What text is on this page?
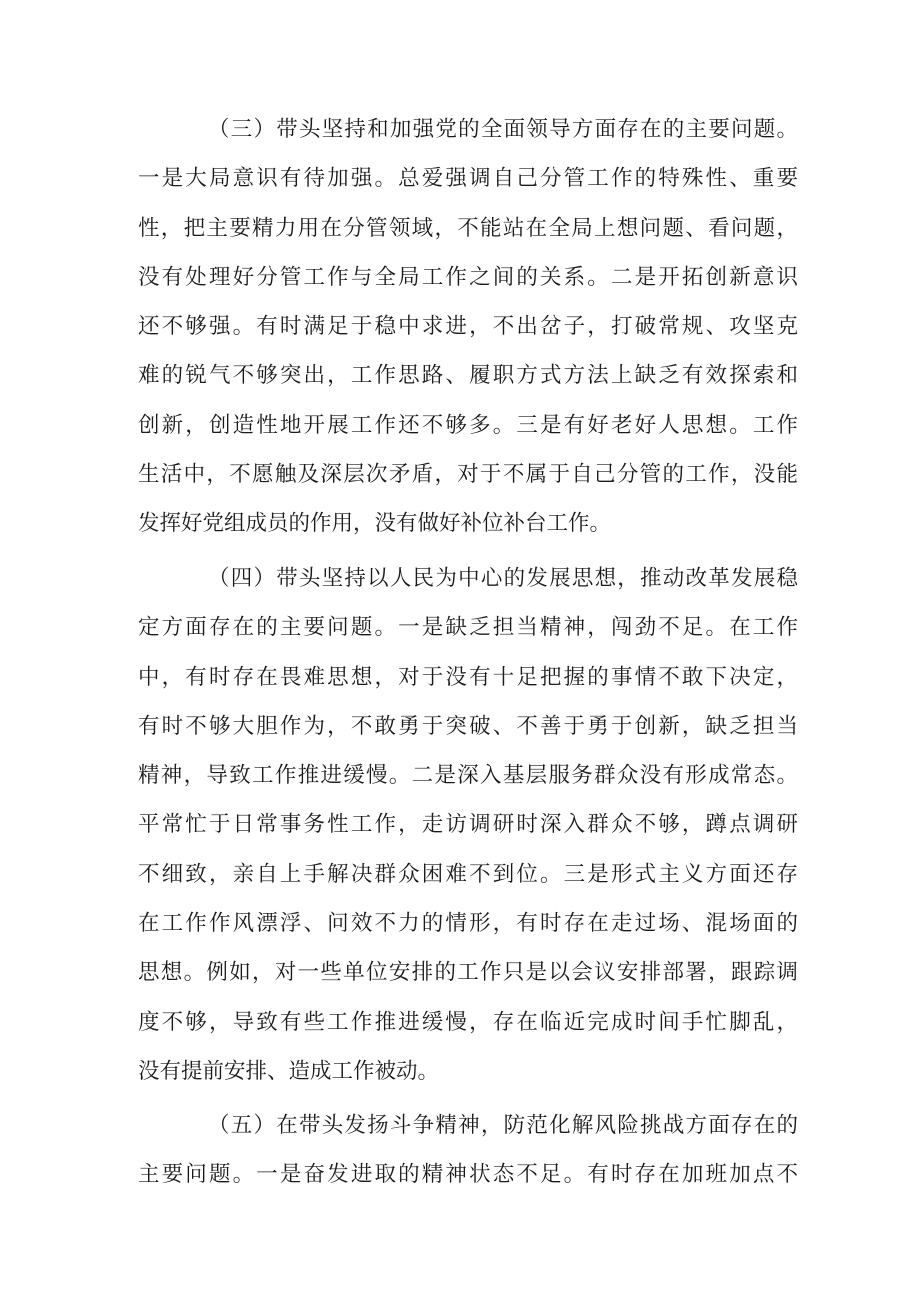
（三）带头坚持和加强党的全面领导方面存在的主要问题。
一是大局意识有待加强。总爱强调自己分管工作的特殊性、重要
性，把主要精力用在分管领域，不能站在全局上想问题、看问题，
没有处理好分管工作与全局工作之间的关系。二是开拓创新意识
还不够强。有时满足于稳中求进，不出岔子，打破常规、攻坚克
难的锐气不够突出，工作思路、履职方式方法上缺乏有效探索和
创新，创造性地开展工作还不够多。三是有好老好人思想。工作
生活中，不愿触及深层次矛盾，对于不属于自己分管的工作，没能
发挥好党组成员的作用，没有做好补位补台工作。
（四）带头坚持以人民为中心的发展思想，推动改革发展稳
定方面存在的主要问题。一是缺乏担当精神，闯劲不足。在工作
中，有时存在畏难思想，对于没有十足把握的事情不敢下决定，
有时不够大胆作为，不敢勇于突破、不善于勇于创新，缺乏担当
精神，导致工作推进缓慢。二是深入基层服务群众没有形成常态。
平常忙于日常事务性工作，走访调研时深入群众不够，蹲点调研
不细致，亲自上手解决群众困难不到位。三是形式主义方面还存
在工作作风漂浮、问效不力的情形，有时存在走过场、混场面的
思想。例如，对一些单位安排的工作只是以会议安排部署，跟踪调
度不够，导致有些工作推进缓慢，存在临近完成时间手忙脚乱，
没有提前安排、造成工作被动。
（五）在带头发扬斗争精神，防范化解风险挑战方面存在的
主要问题。一是奋发进取的精神状态不足。有时存在加班加点不
